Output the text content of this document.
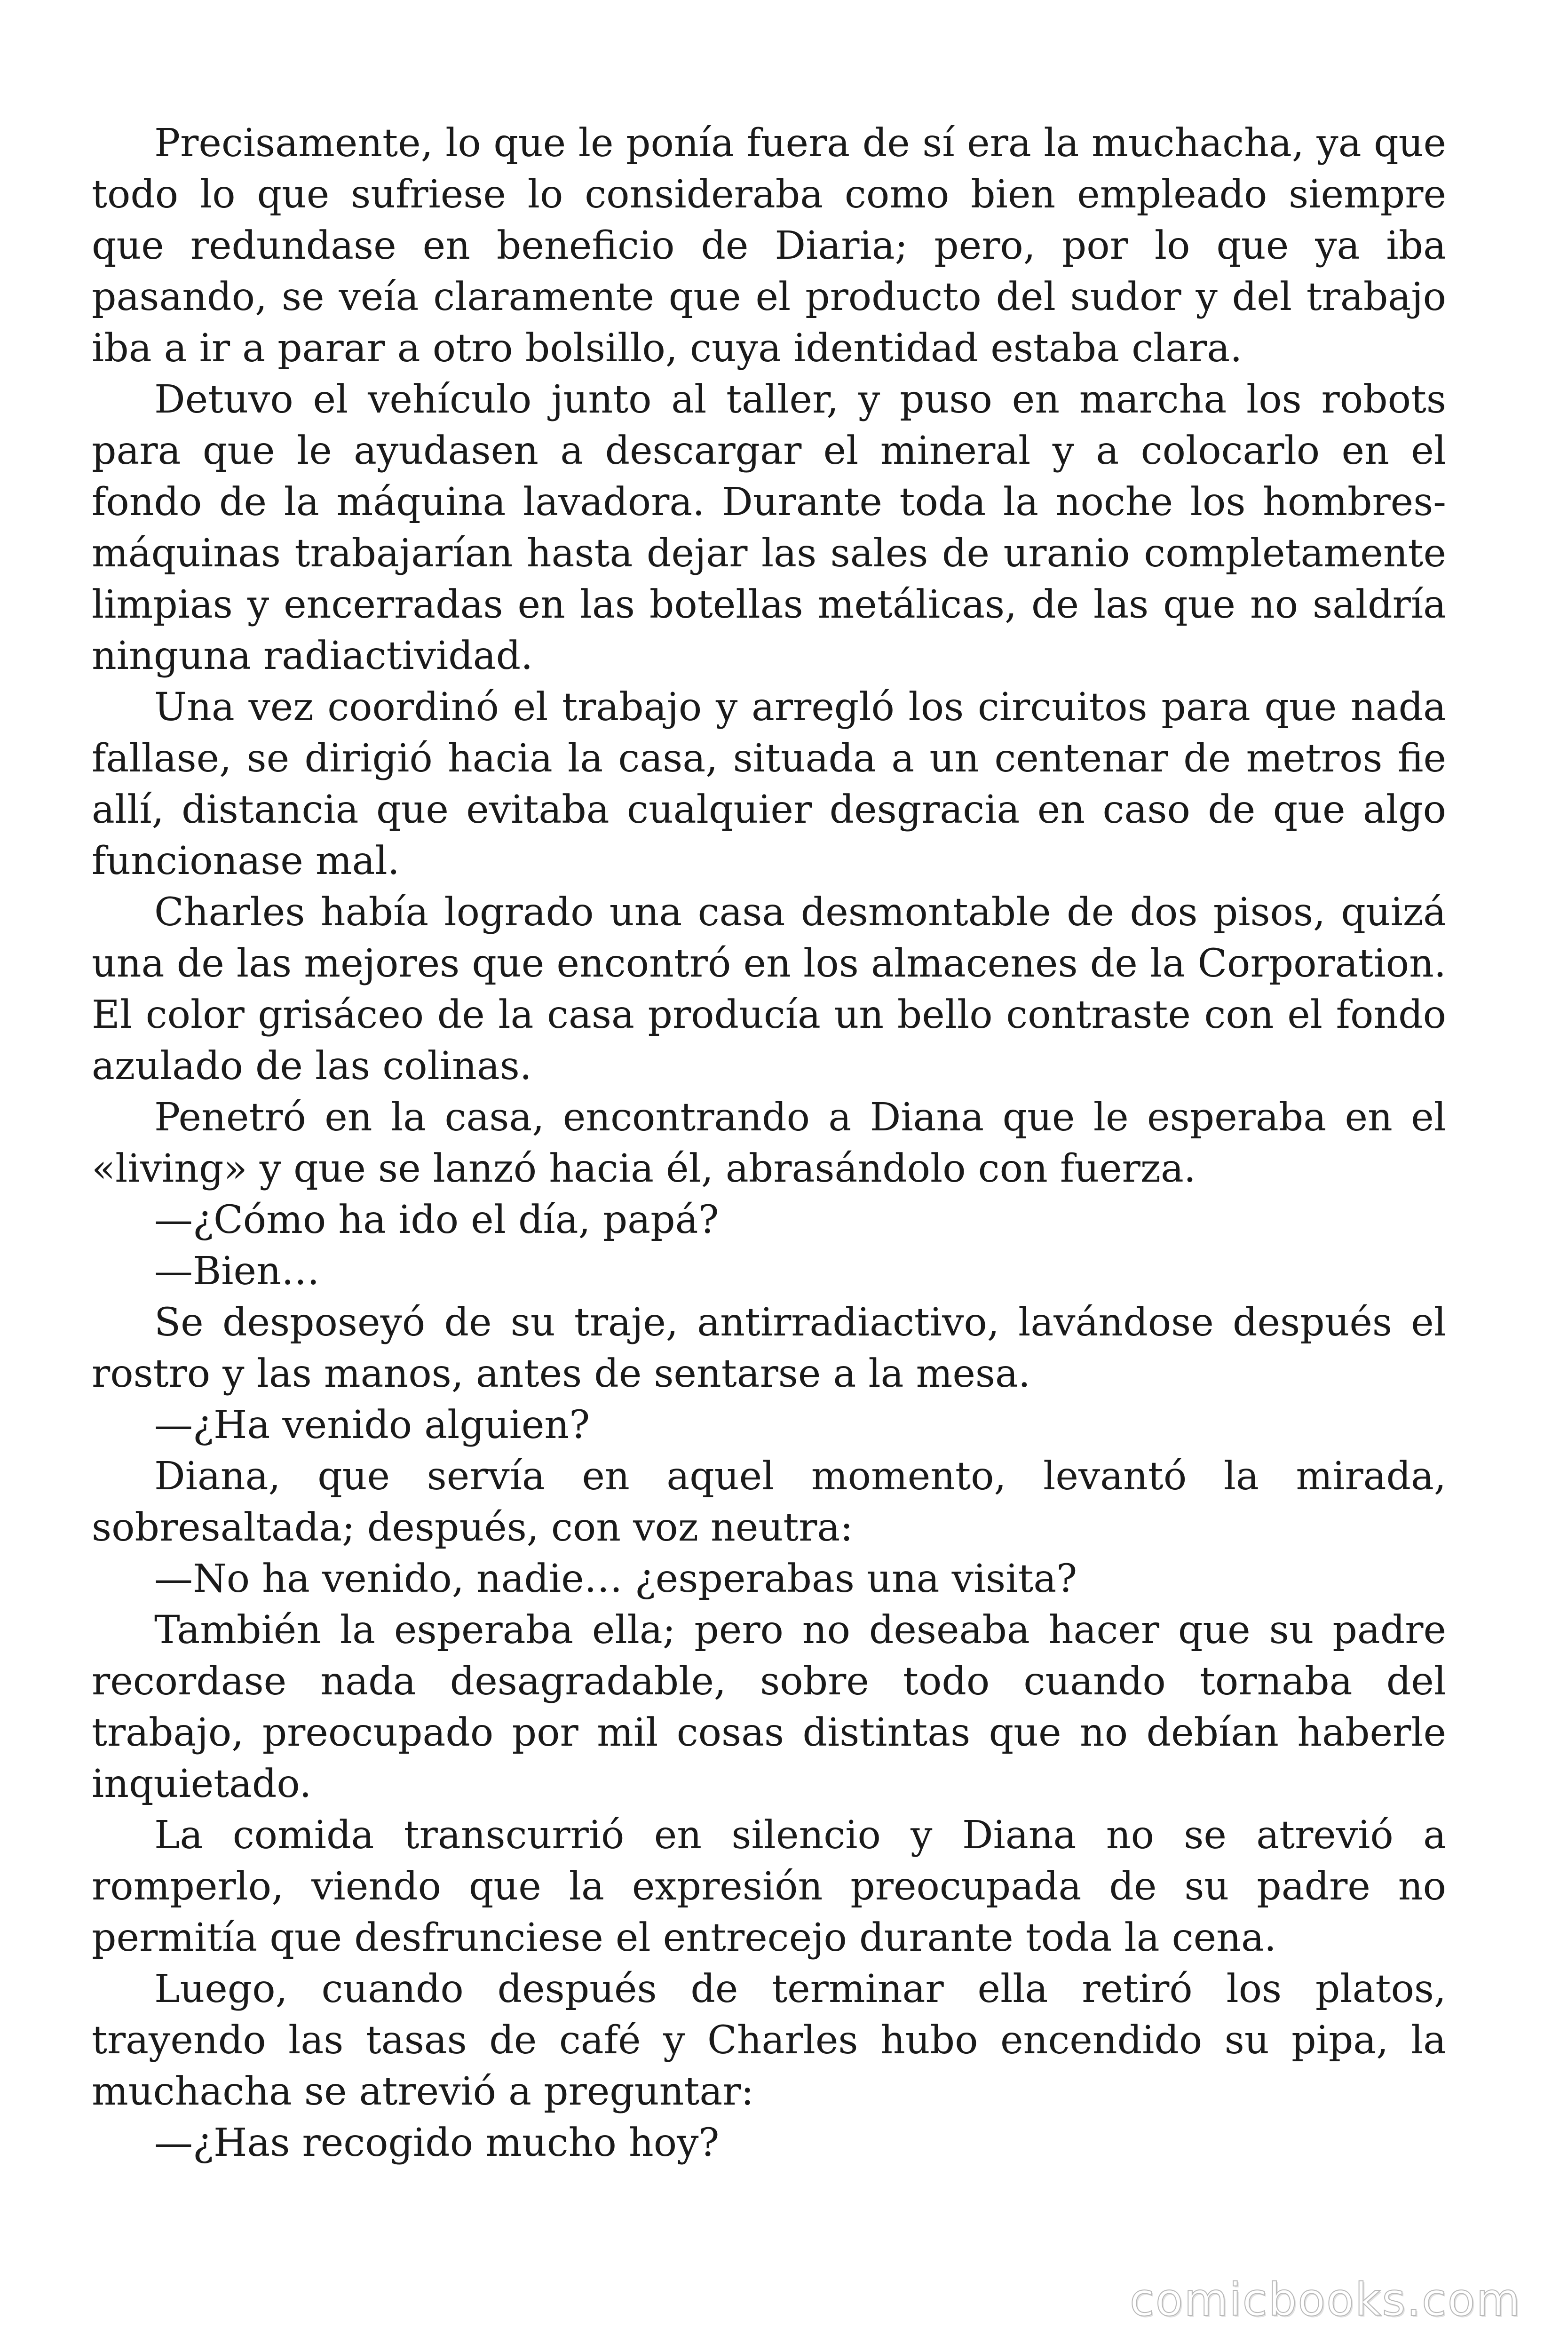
Precisamente, lo que le ponía fuera de sí era la muchacha, ya que todo lo que sufriese lo consideraba como bien empleado siempre que redundase en beneficio de Diaria; pero, por lo que ya iba pasando, se veía claramente que el producto del sudor y del trabajo iba a ir a parar a otro bolsillo, cuya identidad estaba clara.

Detuvo el vehículo junto al taller, y puso en marcha los robots para que le ayudasen a descargar el mineral y a colocarlo en el fondo de la máquina lavadora. Durante toda la noche los hombres-máquinas trabajarían hasta dejar las sales de uranio completamente limpias y encerradas en las botellas metálicas, de las que no saldría ninguna radiactividad.

Una vez coordinó el trabajo y arregló los circuitos para que nada fallase, se dirigió hacia la casa, situada a un centenar de metros fie allí, distancia que evitaba cualquier desgracia en caso de que algo funcionase mal.

Charles había logrado una casa desmontable de dos pisos, quizá una de las mejores que encontró en los almacenes de la Corporation. El color grisáceo de la casa producía un bello contraste con el fondo azulado de las colinas.

Penetró en la casa, encontrando a Diana que le esperaba en el «living» y que se lanzó hacia él, abrasándolo con fuerza.

—¿Cómo ha ido el día, papá?

—Bien…

Se desposeyó de su traje, antirradiactivo, lavándose después el rostro y las manos, antes de sentarse a la mesa.

—¿Ha venido alguien?

Diana, que servía en aquel momento, levantó la mirada, sobresaltada; después, con voz neutra:

—No ha venido, nadie… ¿esperabas una visita?

También la esperaba ella; pero no deseaba hacer que su padre recordase nada desagradable, sobre todo cuando tornaba del trabajo, preocupado por mil cosas distintas que no debían haberle inquietado.

La comida transcurrió en silencio y Diana no se atrevió a romperlo, viendo que la expresión preocupada de su padre no permitía que desfrunciese el entrecejo durante toda la cena.

Luego, cuando después de terminar ella retiró los platos, trayendo las tasas de café y Charles hubo encendido su pipa, la muchacha se atrevió a preguntar:

—¿Has recogido mucho hoy?

comicbooks.com
